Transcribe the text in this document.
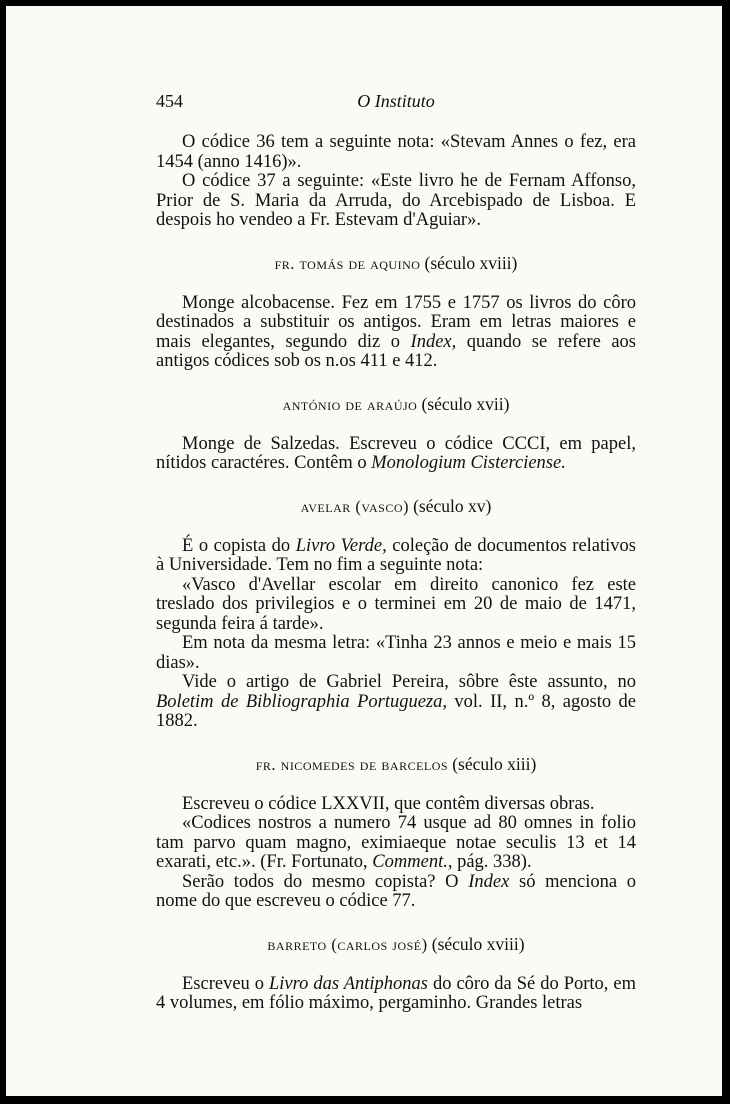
454	O Instituto

O códice 36 tem a seguinte nota: «Stevam Annes o fez, era 1454 (anno 1416)».

O códice 37 a seguinte: «Este livro he de Fernam Affonso, Prior de S. Maria da Arruda, do Arcebispado de Lisboa. E despois ho vendeo a Fr. Estevam d'Aguiar».

fr. tomás de aquino (século xviii)

Monge alcobacense. Fez em 1755 e 1757 os livros do côro destinados a substituir os antigos. Eram em letras maiores e mais elegantes, segundo diz o Index, quando se refere aos antigos códices sob os n.os 411 e 412.

antónio de araújo (século xvii)

Monge de Salzedas. Escreveu o códice CCCI, em papel, nítidos caractéres. Contêm o Monologium Cisterciense.

avelar (vasco) (século xv)

É o copista do Livro Verde, coleção de documentos relativos à Universidade. Tem no fim a seguinte nota:

«Vasco d'Avellar escolar em direito canonico fez este treslado dos privilegios e o terminei em 20 de maio de 1471, segunda feira á tarde».

Em nota da mesma letra: «Tinha 23 annos e meio e mais 15 dias».

Vide o artigo de Gabriel Pereira, sôbre êste assunto, no Boletim de Bibliographia Portugueza, vol. II, n.º 8, agosto de 1882.

fr. nicomedes de barcelos (século xiii)

Escreveu o códice LXXVII, que contêm diversas obras.

«Codices nostros a numero 74 usque ad 80 omnes in folio tam parvo quam magno, eximiaeque notae seculis 13 et 14 exarati, etc.». (Fr. Fortunato, Comment., pág. 338).

Serão todos do mesmo copista? O Index só menciona o nome do que escreveu o códice 77.

barreto (carlos josé) (século xviii)

Escreveu o Livro das Antiphonas do côro da Sé do Porto, em 4 volumes, em fólio máximo, pergaminho. Grandes letras
